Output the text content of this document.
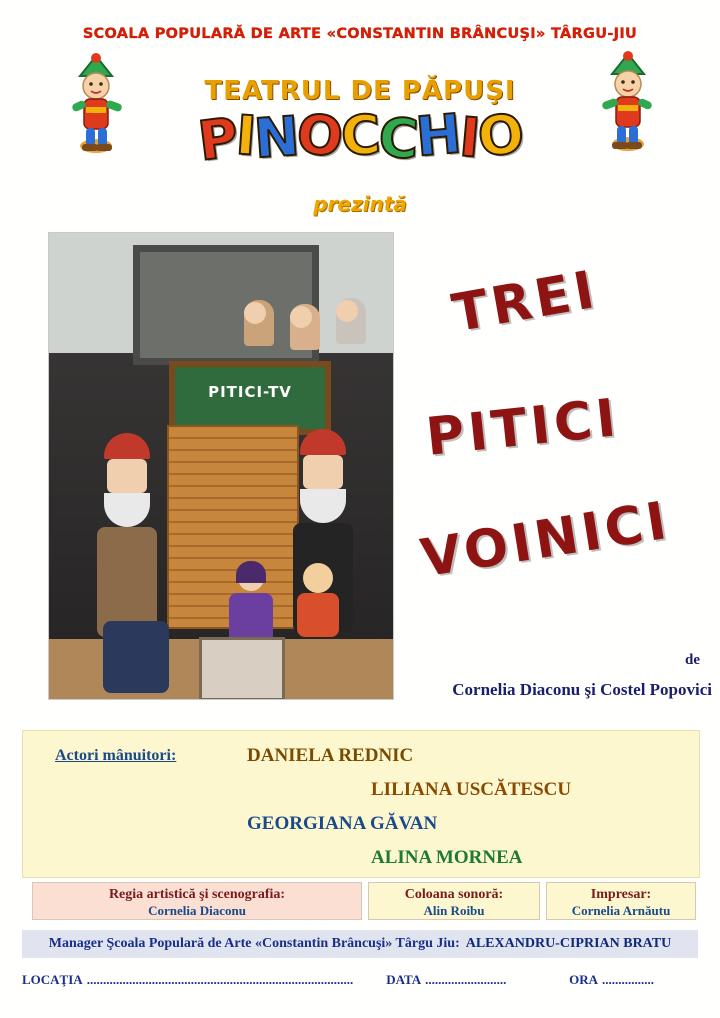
SCOALA POPULARĂ DE ARTE «CONSTANTIN BRÂNCUŞI» TÂRGU-JIU
TEATRUL DE PĂPUŞI
PINOCCHIO
prezintă
PITICI-TV
TREI
PITICI
VOINICI
de
Cornelia Diaconu şi Costel Popovici
Actori mânuitori:	DANIELA REDNIC
LILIANA USCĂTESCU
GEORGIANA GĂVAN
ALINA MORNEA
Regia artistică şi scenografia:
Cornelia Diaconu
Coloana sonoră:
Alin Roibu
Impresar:
Cornelia Arnăutu
Manager Şcoala Populară de Arte «Constantin Brâncuşi» Târgu Jiu: ALEXANDRU-CIPRIAN BRATU
LOCAŢIA ..................................................................................	DATA .........................	ORA ................
